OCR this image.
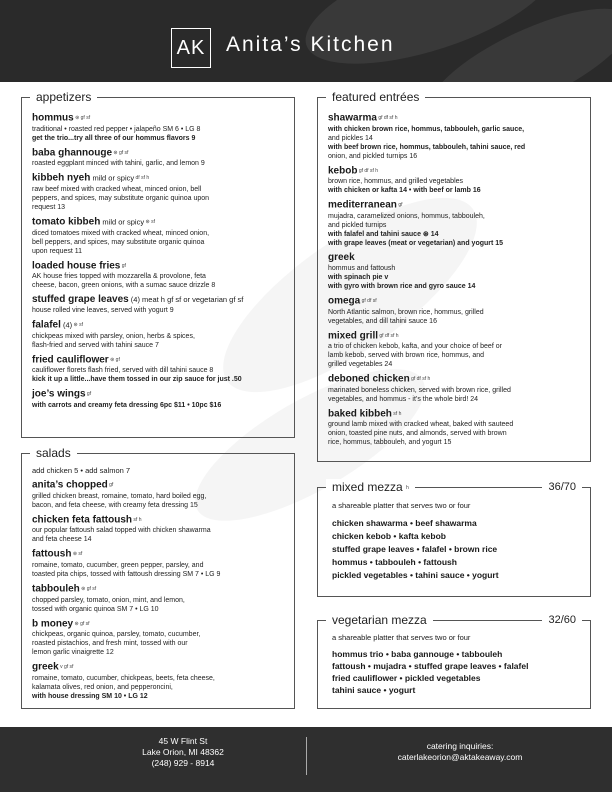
AK Anita’s Kitchen
appetizers
hommus ⊛ gf sf
traditional • roasted red pepper • jalapeño SM 6 • LG 8
get the trio...try all three of our hommus flavors 9
baba ghannouge ⊛ gf sf
roasted eggplant minced with tahini, garlic, and lemon 9
kibbeh nyeh mild or spicy df sf h
raw beef mixed with cracked wheat, minced onion, bell
peppers, and spices, may substitute organic quinoa upon
request 13
tomato kibbeh mild or spicy ⊛ sf
diced tomatoes mixed with cracked wheat, minced onion,
bell peppers, and spices, may substitute organic quinoa
upon request 11
loaded house fries gf
AK house fries topped with mozzarella & provolone, feta
cheese, bacon, green onions, with a sumac sauce drizzle 8
stuffed grape leaves (4) meat h gf sf or vegetarian gf sf
house rolled vine leaves, served with yogurt 9
falafel (4) ⊛ sf
chickpeas mixed with parsley, onion, herbs & spices,
flash-fried and served with tahini sauce 7
fried cauliflower ⊛ gf
cauliflower florets flash fried, served with dill tahini sauce 8
kick it up a little...have them tossed in our zip sauce for just .50
joe’s wings gf
with carrots and creamy feta dressing 6pc $11 • 10pc $16
salads
add chicken 5 • add salmon 7
anita’s chopped gf
grilled chicken breast, romaine, tomato, hard boiled egg,
bacon, and feta cheese, with creamy feta dressing 15
chicken feta fattoush sf h
our popular fattoush salad topped with chicken shawarma
and feta cheese 14
fattoush ⊛ sf
romaine, tomato, cucumber, green pepper, parsley, and
toasted pita chips, tossed with fattoush dressing SM 7 • LG 9
tabbouleh ⊛ gf sf
chopped parsley, tomato, onion, mint, and lemon,
tossed with organic quinoa SM 7 • LG 10
b money ⊛ gf sf
chickpeas, organic quinoa, parsley, tomato, cucumber,
roasted pistachios, and fresh mint, tossed with our
lemon garlic vinaigrette 12
greek v gf sf
romaine, tomato, cucumber, chickpeas, beets, feta cheese,
kalamata olives, red onion, and pepperoncini,
with house dressing SM 10 • LG 12
featured entrées
shawarma gf df sf h
with chicken brown rice, hommus, tabbouleh, garlic sauce,
and pickles 14
with beef brown rice, hommus, tabbouleh, tahini sauce, red
onion, and pickled turnips 16
kebob gf df sf h
brown rice, hommus, and grilled vegetables
with chicken or kafta 14 • with beef or lamb 16
mediterranean gf
mujadra, caramelized onions, hommus, tabbouleh,
and pickled turnips
with falafel and tahini sauce ⊛ 14
with grape leaves (meat or vegetarian) and yogurt 15
greek
hommus and fattoush
with spinach pie v
with gyro with brown rice and gyro sauce 14
omega gf df sf
North Atlantic salmon, brown rice, hommus, grilled
vegetables, and dill tahini sauce 16
mixed grill gf df sf h
a trio of chicken kebob, kafta, and your choice of beef or
lamb kebob, served with brown rice, hommus, and
grilled vegetables 24
deboned chicken gf df sf h
marinated boneless chicken, served with brown rice, grilled
vegetables, and hommus - it’s the whole bird! 24
baked kibbeh sf h
ground lamb mixed with cracked wheat, baked with sauteed
onion, toasted pine nuts, and almonds, served with brown
rice, hommus, tabbouleh, and yogurt 15
mixed mezza h	36/70
a shareable platter that serves two or four
chicken shawarma • beef shawarma
chicken kebob • kafta kebob
stuffed grape leaves • falafel • brown rice
hommus • tabbouleh • fattoush
pickled vegetables • tahini sauce • yogurt
vegetarian mezza	32/60
a shareable platter that serves two or four
hommus trio • baba gannouge • tabbouleh
fattoush • mujadra • stuffed grape leaves • falafel
fried cauliflower • pickled vegetables
tahini sauce • yogurt
45 W Flint St
Lake Orion, MI 48362
(248) 929 - 8914
catering inquiries:
caterlakeorion@aktakeaway.com
